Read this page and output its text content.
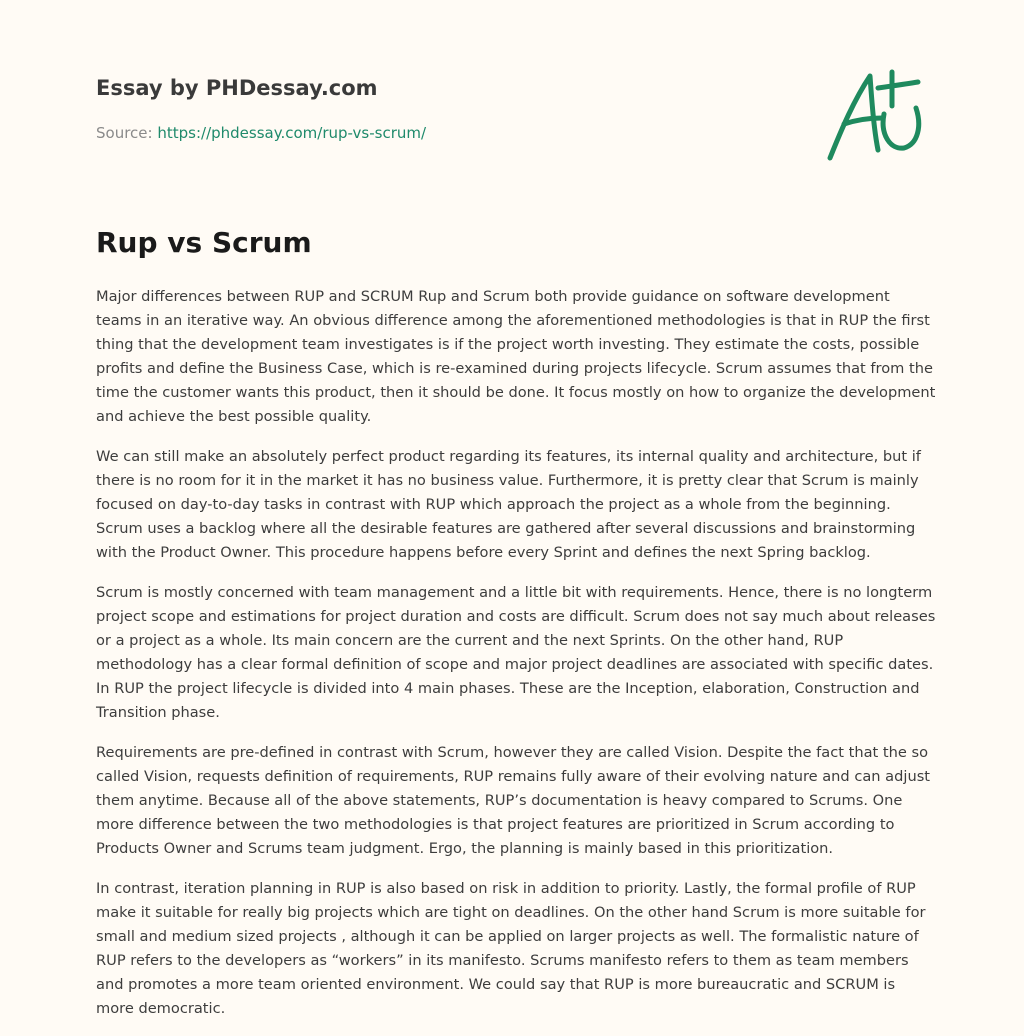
Essay by PHDessay.com
Source: https://phdessay.com/rup-vs-scrum/
Rup vs Scrum

Major differences between RUP and SCRUM Rup and Scrum both provide guidance on software development teams in an iterative way. An obvious difference among the aforementioned methodologies is that in RUP the first thing that the development team investigates is if the project worth investing. They estimate the costs, possible profits and define the Business Case, which is re-examined during projects lifecycle. Scrum assumes that from the time the customer wants this product, then it should be done. It focus mostly on how to organize the development and achieve the best possible quality.

We can still make an absolutely perfect product regarding its features, its internal quality and architecture, but if there is no room for it in the market it has no business value. Furthermore, it is pretty clear that Scrum is mainly focused on day-to-day tasks in contrast with RUP which approach the project as a whole from the beginning. Scrum uses a backlog where all the desirable features are gathered after several discussions and brainstorming with the Product Owner. This procedure happens before every Sprint and defines the next Spring backlog.

Scrum is mostly concerned with team management and a little bit with requirements. Hence, there is no longterm project scope and estimations for project duration and costs are difficult. Scrum does not say much about releases or a project as a whole. Its main concern are the current and the next Sprints. On the other hand, RUP methodology has a clear formal definition of scope and major project deadlines are associated with specific dates. In RUP the project lifecycle is divided into 4 main phases. These are the Inception, elaboration, Construction and Transition phase.

Requirements are pre-defined in contrast with Scrum, however they are called Vision. Despite the fact that the so called Vision, requests definition of requirements, RUP remains fully aware of their evolving nature and can adjust them anytime. Because all of the above statements, RUP’s documentation is heavy compared to Scrums. One more difference between the two methodologies is that project features are prioritized in Scrum according to Products Owner and Scrums team judgment. Ergo, the planning is mainly based in this prioritization.

In contrast, iteration planning in RUP is also based on risk in addition to priority. Lastly, the formal profile of RUP make it suitable for really big projects which are tight on deadlines. On the other hand Scrum is more suitable for small and medium sized projects , although it can be applied on larger projects as well. The formalistic nature of RUP refers to the developers as “workers” in its manifesto. Scrums manifesto refers to them as team members and promotes a more team oriented environment. We could say that RUP is more bureaucratic and SCRUM is more democratic.
